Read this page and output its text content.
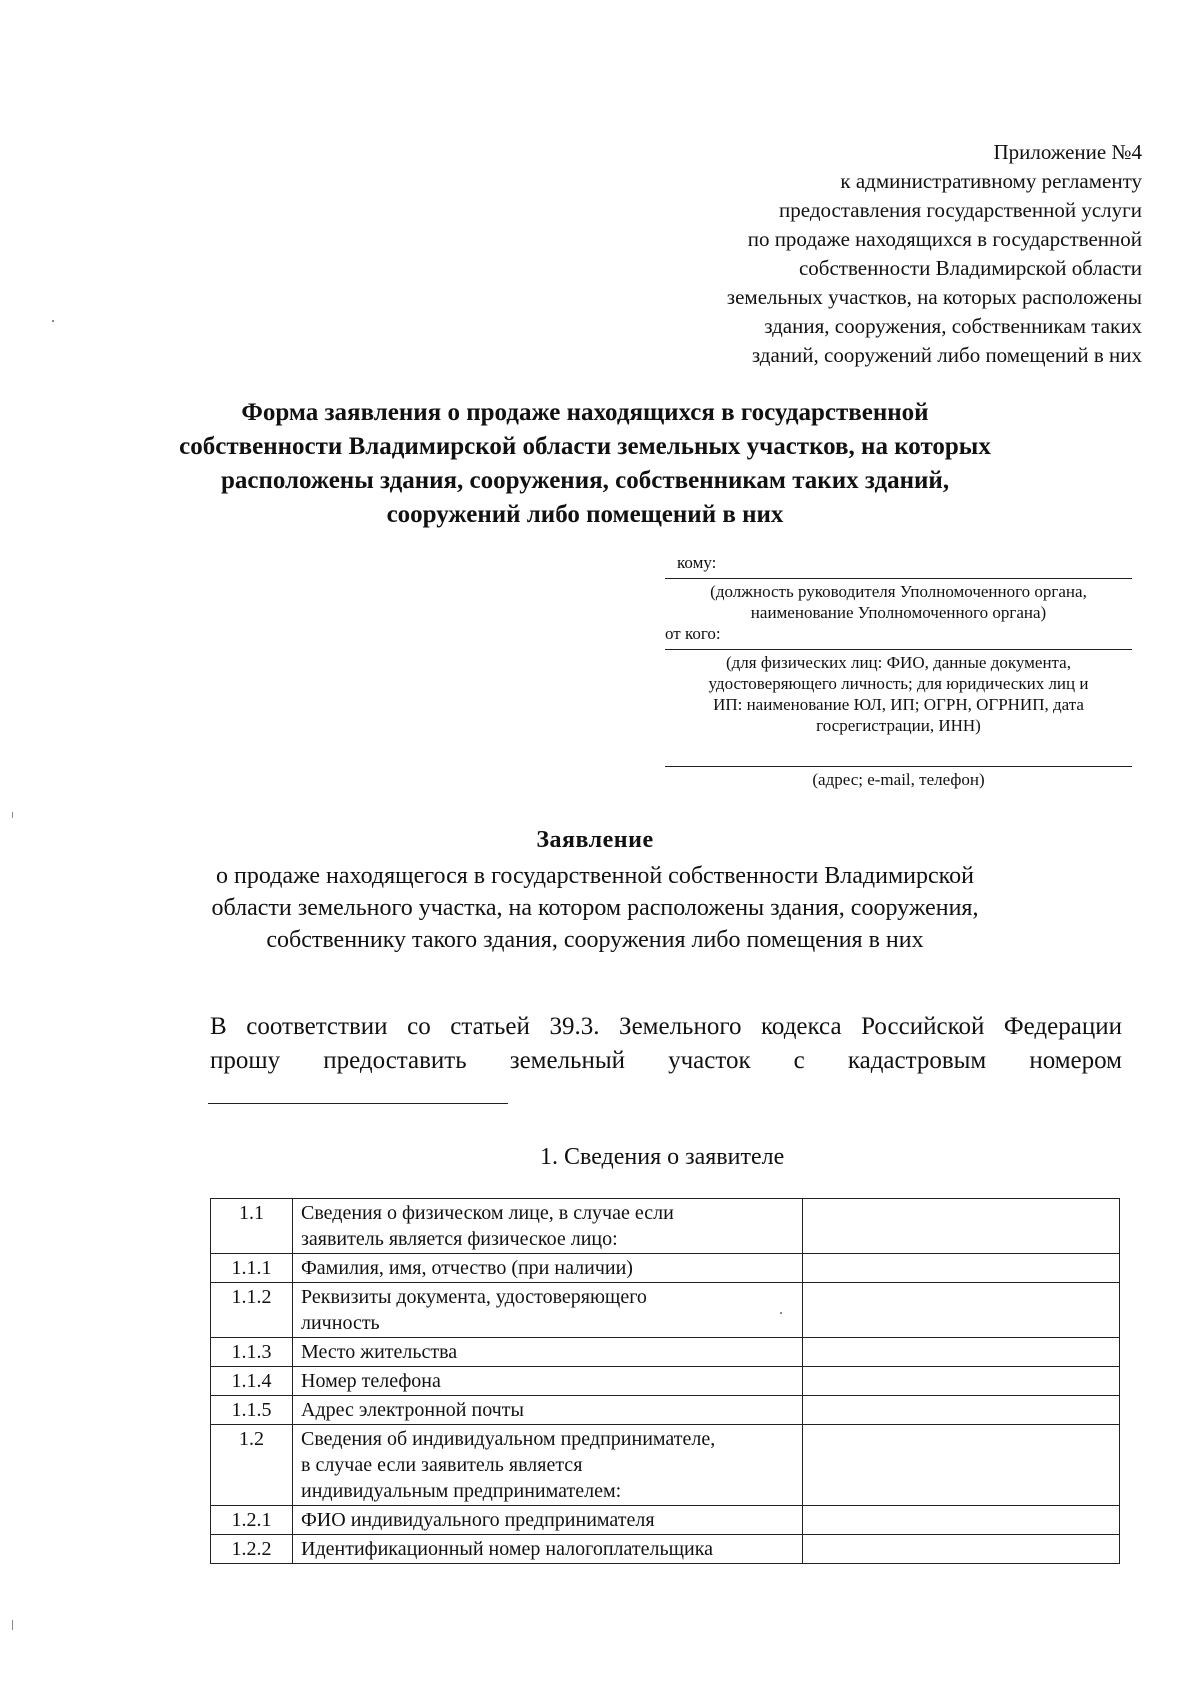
Приложение №4
к административному регламенту
предоставления государственной услуги
по продаже находящихся в государственной
собственности Владимирской области
земельных участков, на которых расположены
здания, сооружения, собственникам таких
зданий, сооружений либо помещений в них
Форма заявления о продаже находящихся в государственной
собственности Владимирской области земельных участков, на которых
расположены здания, сооружения, собственникам таких зданий,
сооружений либо помещений в них
кому:
(должность руководителя Уполномоченного органа,
наименование Уполномоченного органа)
от кого:
(для физических лиц: ФИО, данные документа,
удостоверяющего личность; для юридических лиц и
ИП: наименование ЮЛ, ИП; ОГРН, ОГРНИП, дата
госрегистрации, ИНН)
(адрес; e-mail, телефон)
Заявление
о продаже находящегося в государственной собственности Владимирской
области земельного участка, на котором расположены здания, сооружения,
собственнику такого здания, сооружения либо помещения в них
В соответствии со статьей 39.3. Земельного кодекса Российской Федерации
прошу предоставить земельный участок с кадастровым номером
1. Сведения о заявителе
1.1	Сведения о физическом лице, в случае если
заявитель является физическое лицо:	

1.1.1	Фамилия, имя, отчество (при наличии)	

1.1.2	Реквизиты документа, удостоверяющего
личность	

1.1.3	Место жительства	

1.1.4	Номер телефона	

1.1.5	Адрес электронной почты	

1.2	Сведения об индивидуальном предпринимателе,
в случае если заявитель является
индивидуальным предпринимателем:	

1.2.1	ФИО индивидуального предпринимателя	

1.2.2	Идентификационный номер налогоплательщика	
